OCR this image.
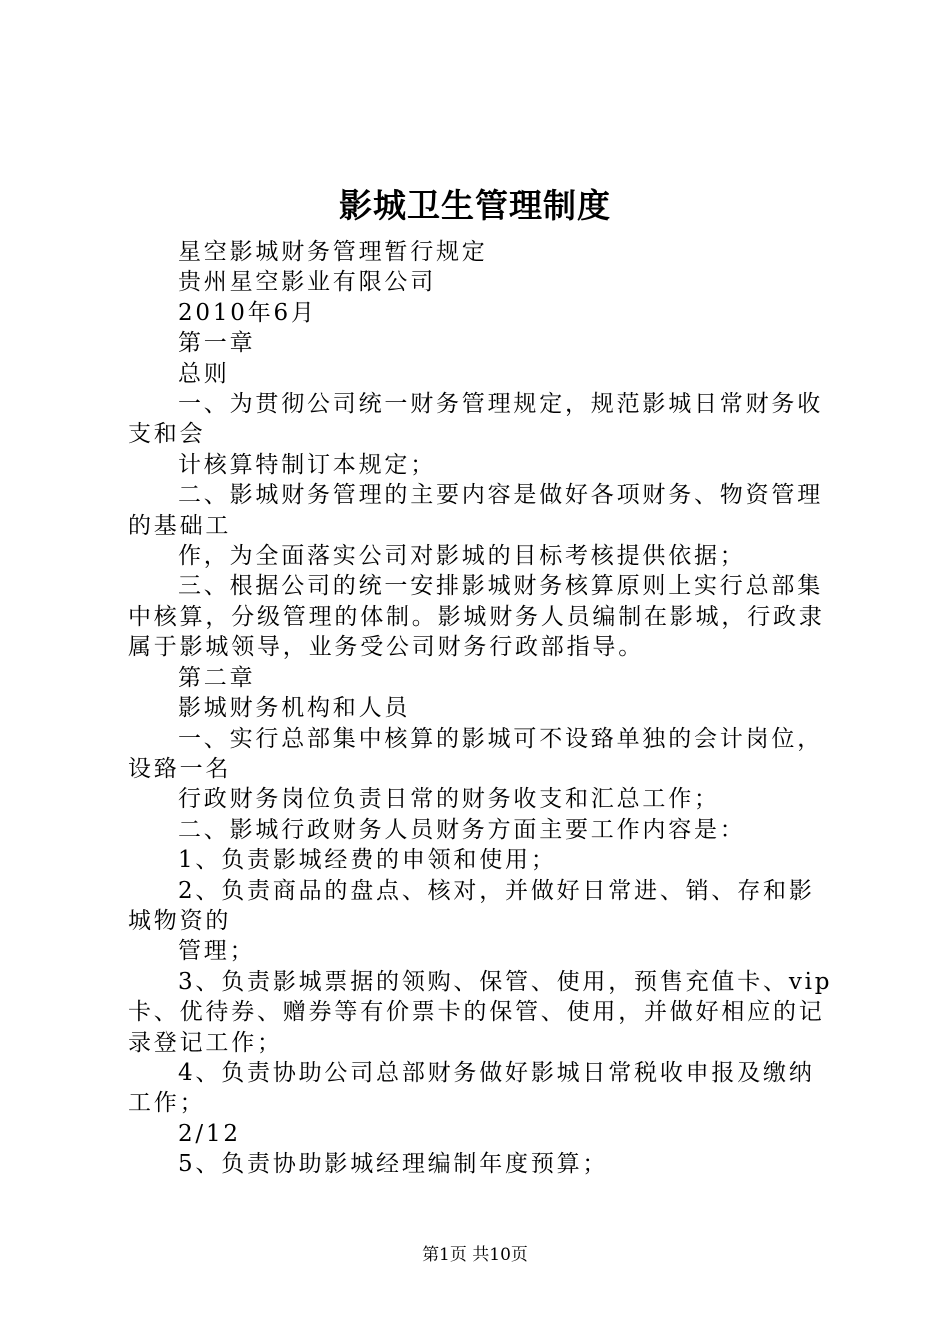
影城卫生管理制度

星空影城财务管理暂行规定

贵州星空影业有限公司

2010年6月

第一章

总则

一、为贯彻公司统一财务管理规定，规范影城日常财务收支和会

计核算特制订本规定；

二、影城财务管理的主要内容是做好各项财务、物资管理的基础工

作，为全面落实公司对影城的目标考核提供依据；

三、根据公司的统一安排影城财务核算原则上实行总部集中核算，分级管理的体制。影城财务人员编制在影城，行政隶属于影城领导，业务受公司财务行政部指导。

第二章

影城财务机构和人员

一、实行总部集中核算的影城可不设臵单独的会计岗位，设臵一名

行政财务岗位负责日常的财务收支和汇总工作；

二、影城行政财务人员财务方面主要工作内容是：

1、负责影城经费的申领和使用；

2、负责商品的盘点、核对，并做好日常进、销、存和影城物资的

管理；

3、负责影城票据的领购、保管、使用，预售充值卡、vip卡、优待券、赠券等有价票卡的保管、使用，并做好相应的记录登记工作；

4、负责协助公司总部财务做好影城日常税收申报及缴纳工作；

2/12

5、负责协助影城经理编制年度预算；

第1页 共10页
